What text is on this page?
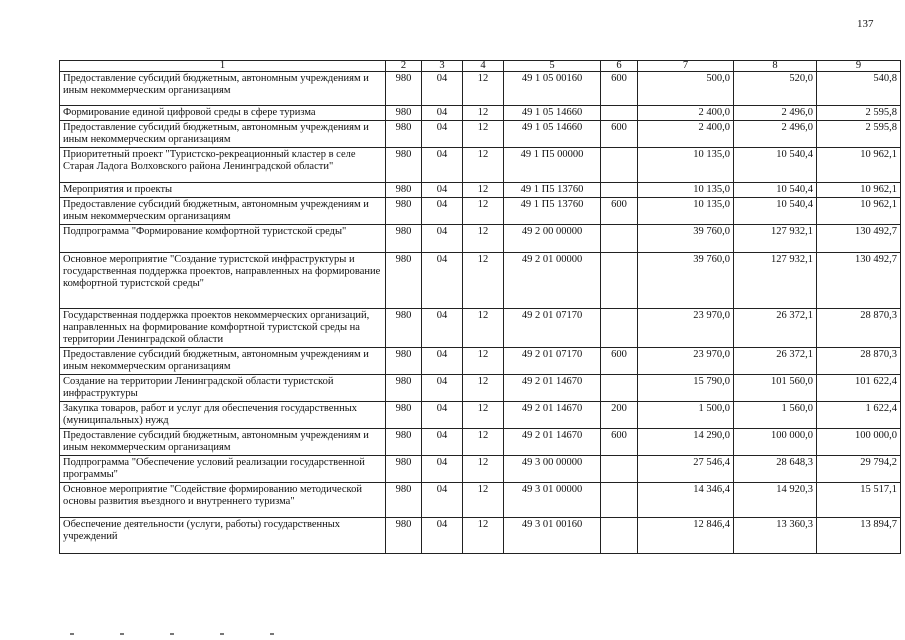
137
1	2	3	4	5	6	7	8	9
Предоставление субсидий бюджетным, автономным учреждениям и иным некоммерческим организациям	980	04	12	49 1 05 00160	600	500,0	520,0	540,8
Формирование единой цифровой среды в сфере туризма	980	04	12	49 1 05 14660		2 400,0	2 496,0	2 595,8
Предоставление субсидий бюджетным, автономным учреждениям и иным некоммерческим организациям	980	04	12	49 1 05 14660	600	2 400,0	2 496,0	2 595,8
Приоритетный проект "Туристско-рекреационный кластер в селе Старая Ладога Волховского района Ленинградской области"	980	04	12	49 1 П5 00000		10 135,0	10 540,4	10 962,1
Мероприятия и проекты	980	04	12	49 1 П5 13760		10 135,0	10 540,4	10 962,1
Предоставление субсидий бюджетным, автономным учреждениям и иным некоммерческим организациям	980	04	12	49 1 П5 13760	600	10 135,0	10 540,4	10 962,1
Подпрограмма "Формирование комфортной туристской среды"	980	04	12	49 2 00 00000		39 760,0	127 932,1	130 492,7
Основное мероприятие "Создание туристской инфраструктуры и государственная поддержка проектов, направленных на формирование комфортной туристской среды"	980	04	12	49 2 01 00000		39 760,0	127 932,1	130 492,7
Государственная поддержка проектов некоммерческих организаций, направленных на формирование комфортной туристской среды на территории Ленинградской области	980	04	12	49 2 01 07170		23 970,0	26 372,1	28 870,3
Предоставление субсидий бюджетным, автономным учреждениям и иным некоммерческим организациям	980	04	12	49 2 01 07170	600	23 970,0	26 372,1	28 870,3
Создание на территории Ленинградской области туристской инфраструктуры	980	04	12	49 2 01 14670		15 790,0	101 560,0	101 622,4
Закупка товаров, работ и услуг для обеспечения государственных (муниципальных) нужд	980	04	12	49 2 01 14670	200	1 500,0	1 560,0	1 622,4
Предоставление субсидий бюджетным, автономным учреждениям и иным некоммерческим организациям	980	04	12	49 2 01 14670	600	14 290,0	100 000,0	100 000,0
Подпрограмма "Обеспечение условий реализации государственной программы"	980	04	12	49 3 00 00000		27 546,4	28 648,3	29 794,2
Основное мероприятие "Содействие формированию методической основы развития въездного и внутреннего туризма"	980	04	12	49 3 01 00000		14 346,4	14 920,3	15 517,1
Обеспечение деятельности (услуги, работы) государственных учреждений	980	04	12	49 3 01 00160		12 846,4	13 360,3	13 894,7
